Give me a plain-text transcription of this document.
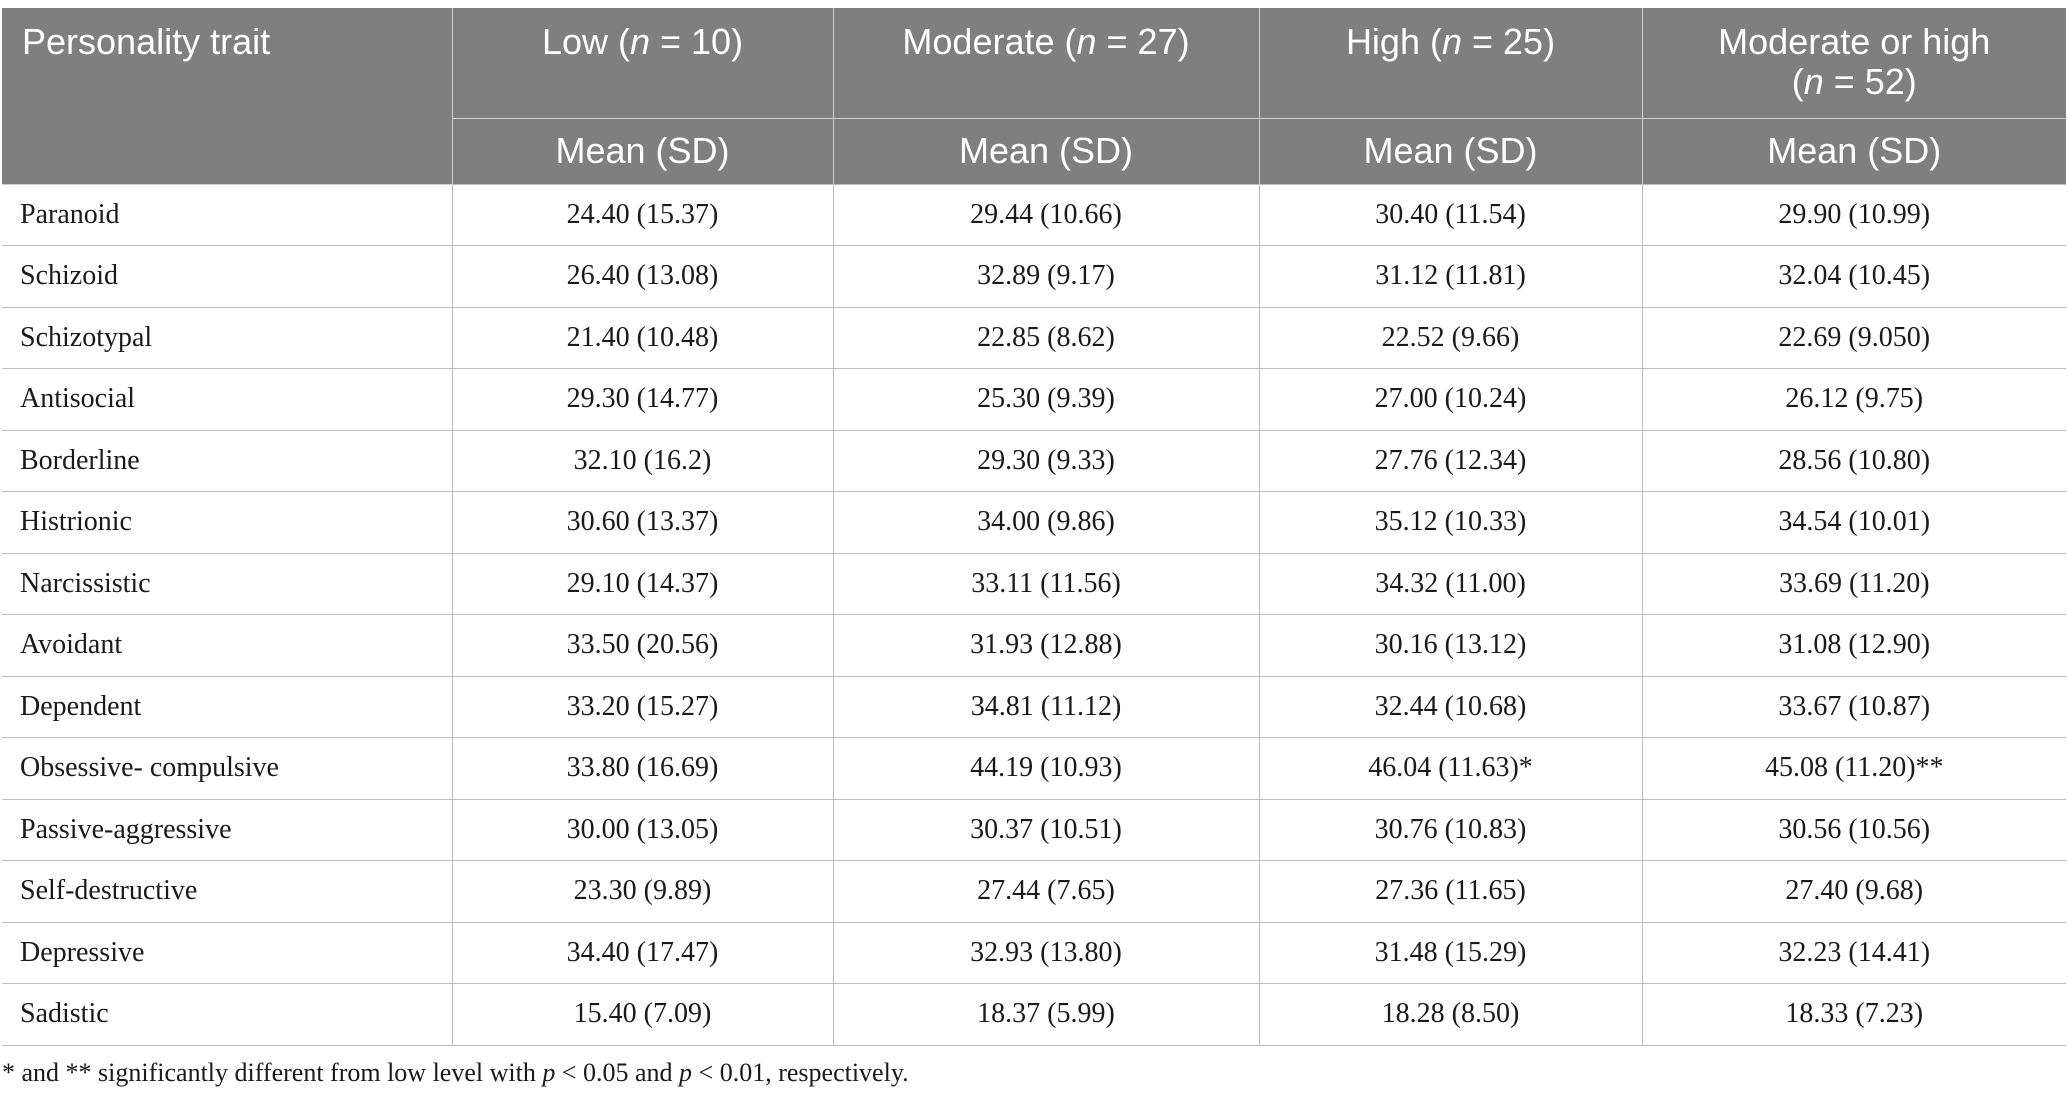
Personality trait	Low (n = 10)	Moderate (n = 27)	High (n = 25)	Moderate or high
(n = 52)
	Mean (SD)	Mean (SD)	Mean (SD)	Mean (SD)
Paranoid	24.40 (15.37)	29.44 (10.66)	30.40 (11.54)	29.90 (10.99)
Schizoid	26.40 (13.08)	32.89 (9.17)	31.12 (11.81)	32.04 (10.45)
Schizotypal	21.40 (10.48)	22.85 (8.62)	22.52 (9.66)	22.69 (9.050)
Antisocial	29.30 (14.77)	25.30 (9.39)	27.00 (10.24)	26.12 (9.75)
Borderline	32.10 (16.2)	29.30 (9.33)	27.76 (12.34)	28.56 (10.80)
Histrionic	30.60 (13.37)	34.00 (9.86)	35.12 (10.33)	34.54 (10.01)
Narcissistic	29.10 (14.37)	33.11 (11.56)	34.32 (11.00)	33.69 (11.20)
Avoidant	33.50 (20.56)	31.93 (12.88)	30.16 (13.12)	31.08 (12.90)
Dependent	33.20 (15.27)	34.81 (11.12)	32.44 (10.68)	33.67 (10.87)
Obsessive- compulsive	33.80 (16.69)	44.19 (10.93)	46.04 (11.63)*	45.08 (11.20)**
Passive-aggressive	30.00 (13.05)	30.37 (10.51)	30.76 (10.83)	30.56 (10.56)
Self-destructive	23.30 (9.89)	27.44 (7.65)	27.36 (11.65)	27.40 (9.68)
Depressive	34.40 (17.47)	32.93 (13.80)	31.48 (15.29)	32.23 (14.41)
Sadistic	15.40 (7.09)	18.37 (5.99)	18.28 (8.50)	18.33 (7.23)
* and ** significantly different from low level with p < 0.05 and p < 0.01, respectively.
